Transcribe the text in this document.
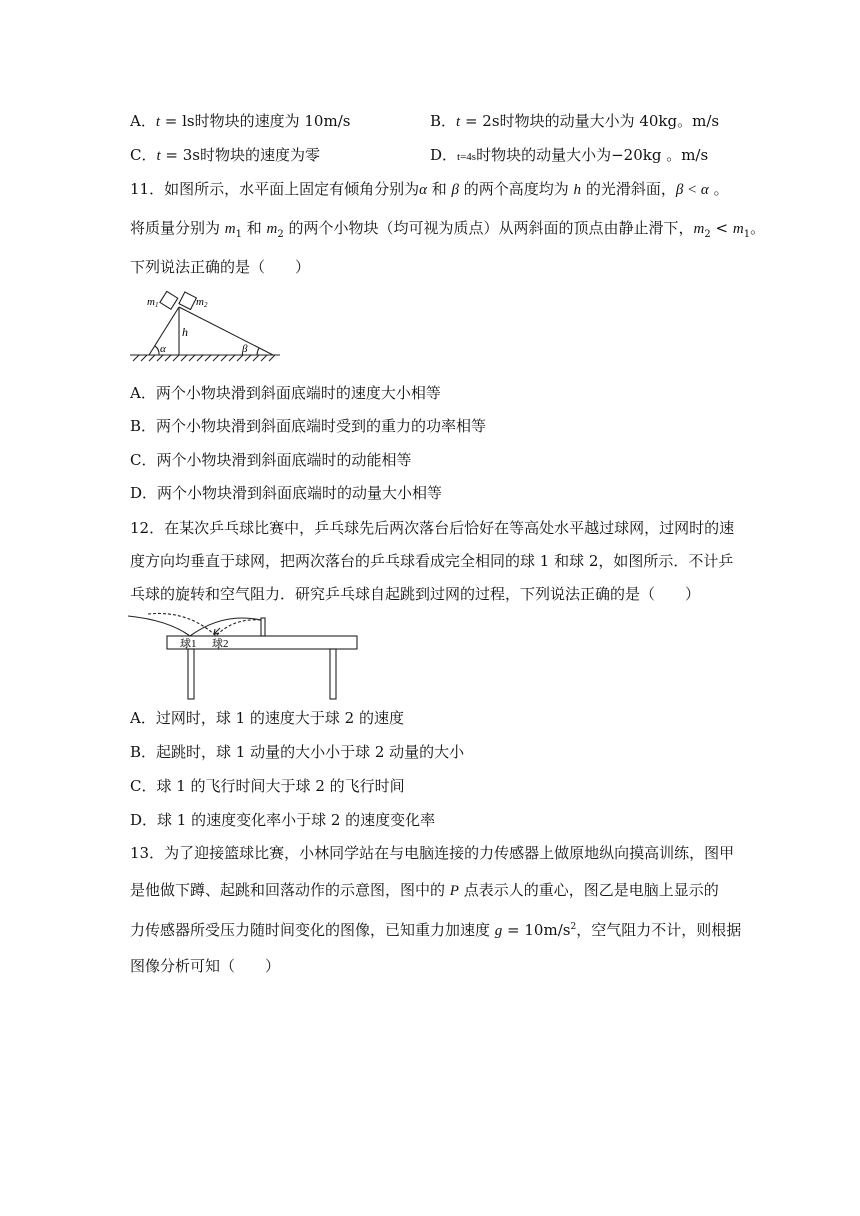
A．t = ls时物块的速度为 10m/s	B．t = 2s时物块的动量大小为 40kg。m/s
C．t = 3s时物块的速度为零	D．t=4s时物块的动量大小为−20kg 。m/s
11．如图所示，水平面上固定有倾角分别为α 和 β 的两个高度均为 h 的光滑斜面，β < α 。
将质量分别为 $m_1$ 和 $m_2$ 的两个小物块（均可视为质点）从两斜面的顶点由静止滑下，$m_2 < m_1$。
下列说法正确的是（　　）
m1	m2
h
α	β
A．两个小物块滑到斜面底端时的速度大小相等
B．两个小物块滑到斜面底端时受到的重力的功率相等
C．两个小物块滑到斜面底端时的动能相等
D．两个小物块滑到斜面底端时的动量大小相等
12．在某次乒乓球比赛中，乒乓球先后两次落台后恰好在等高处水平越过球网，过网时的速
度方向均垂直于球网，把两次落台的乒乓球看成完全相同的球 1 和球 2，如图所示．不计乒
乓球的旋转和空气阻力．研究乒乓球自起跳到过网的过程，下列说法正确的是（　　）
球1 球2
A．过网时，球 1 的速度大于球 2 的速度
B．起跳时，球 1 动量的大小小于球 2 动量的大小
C．球 1 的飞行时间大于球 2 的飞行时间
D．球 1 的速度变化率小于球 2 的速度变化率
13．为了迎接篮球比赛，小林同学站在与电脑连接的力传感器上做原地纵向摸高训练，图甲
是他做下蹲、起跳和回落动作的示意图，图中的 P 点表示人的重心，图乙是电脑上显示的
力传感器所受压力随时间变化的图像，已知重力加速度 $g = 10m/s^2$，空气阻力不计，则根据
图像分析可知（　　）
